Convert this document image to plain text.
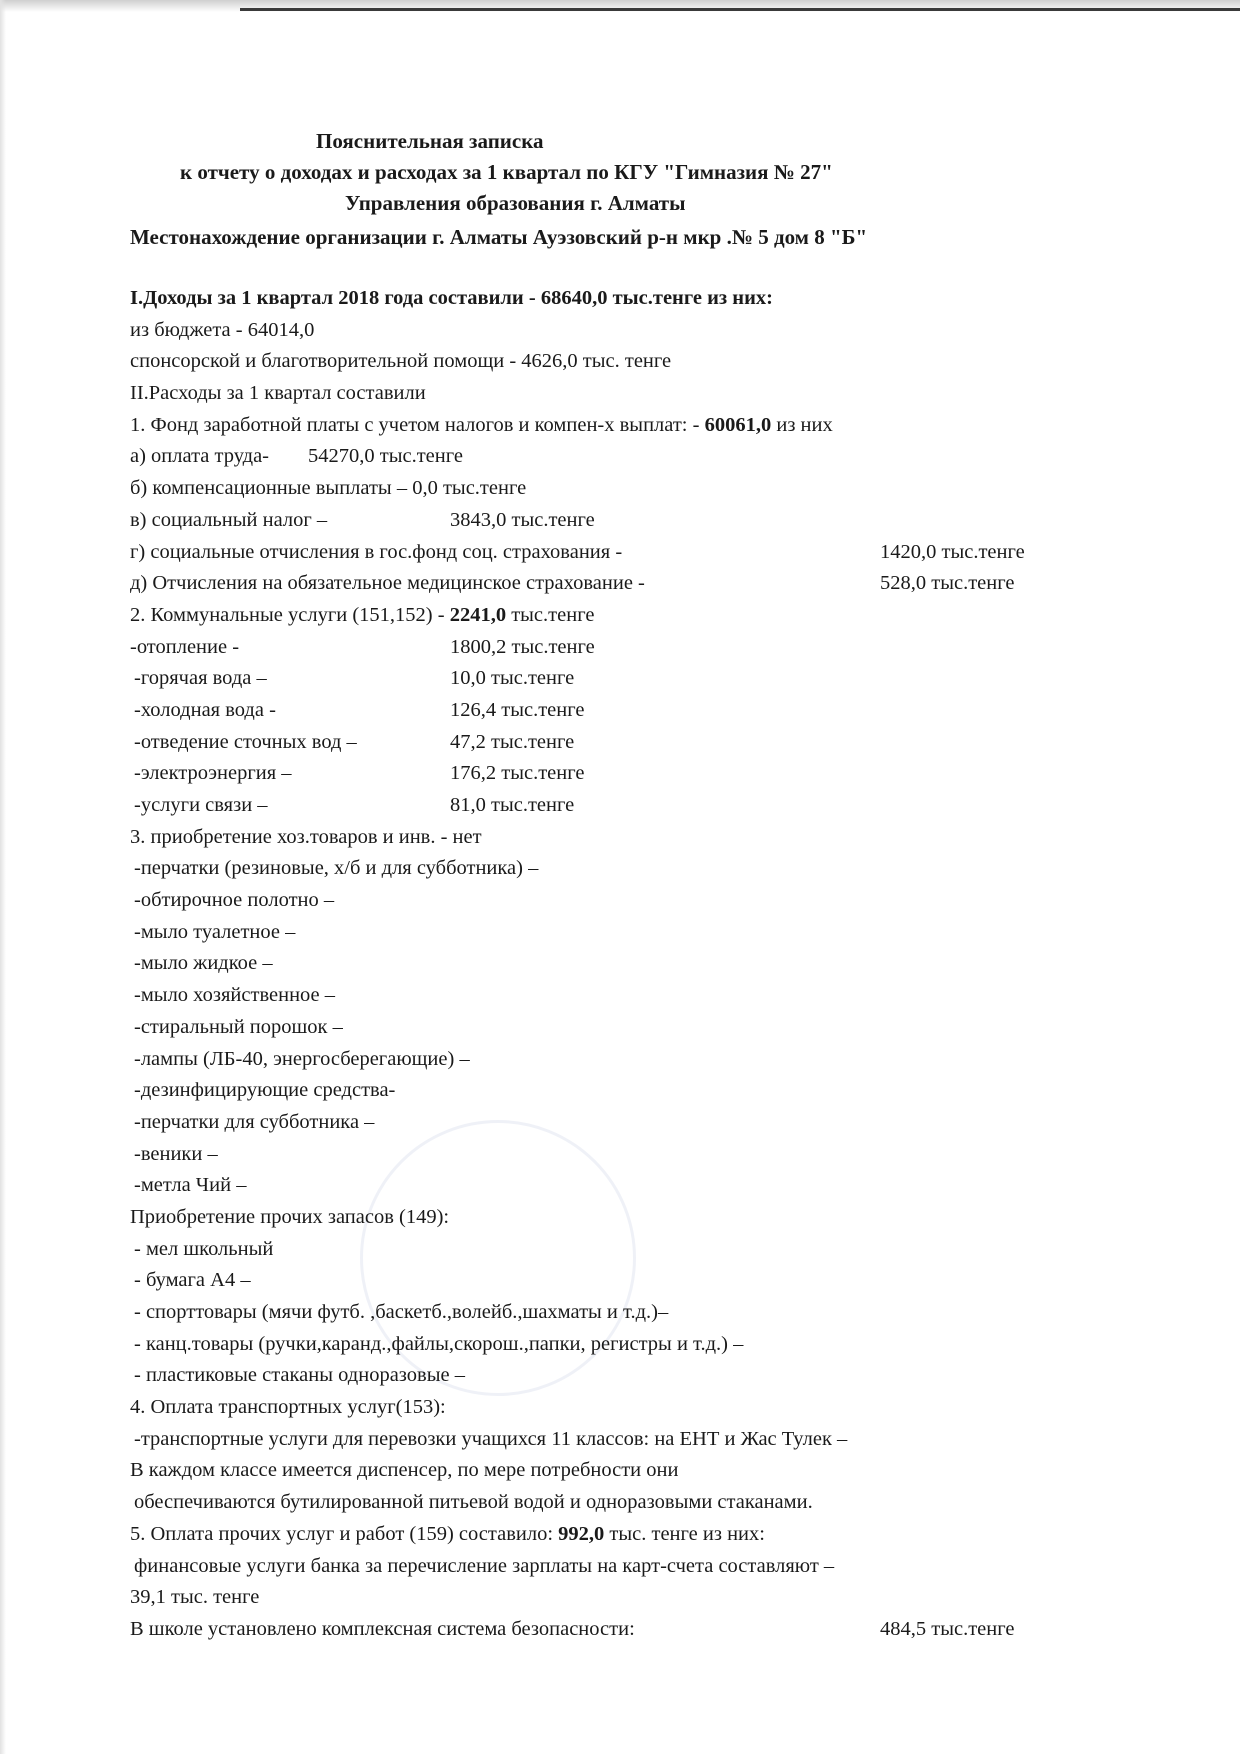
Пояснительная записка
к отчету о доходах и расходах за 1 квартал по КГУ "Гимназия № 27"
Управления образования г. Алматы
Местонахождение организации г. Алматы Ауэзовский р-н мкр .№ 5 дом 8 "Б"
I.Доходы за 1 квартал 2018 года составили - 68640,0 тыс.тенге из них:
из бюджета - 64014,0
спонсорской и благотворительной помощи - 4626,0 тыс. тенге
II.Расходы за 1 квартал составили
1. Фонд заработной платы с учетом налогов и компен-х выплат: - 60061,0 из них
а) оплата труда- 54270,0 тыс.тенге
б) компенсационные выплаты – 0,0 тыс.тенге
в) социальный налог –	3843,0 тыс.тенге
г) социальные отчисления в гос.фонд соц. страхования -	1420,0 тыс.тенге
д) Отчисления на обязательное медицинское страхование -	528,0 тыс.тенге
2. Коммунальные услуги (151,152) - 2241,0 тыс.тенге
-отопление -	1800,2 тыс.тенге
-горячая вода –	10,0 тыс.тенге
-холодная вода -	126,4 тыс.тенге
-отведение сточных вод –	47,2 тыс.тенге
-электроэнергия –	176,2 тыс.тенге
-услуги связи –	81,0 тыс.тенге
3. приобретение хоз.товаров и инв. - нет
-перчатки (резиновые, х/б и для субботника) –
-обтирочное полотно –
-мыло туалетное –
-мыло жидкое –
-мыло хозяйственное –
-стиральный порошок –
-лампы (ЛБ-40, энергосберегающие) –
-дезинфицирующие средства-
-перчатки для субботника –
-веники –
-метла Чий –
Приобретение прочих запасов (149):
- мел школьный
- бумага А4 –
- спорттовары (мячи футб. ,баскетб.,волейб.,шахматы и т.д.)–
- канц.товары (ручки,каранд.,файлы,скорош.,папки, регистры и т.д.) –
- пластиковые стаканы одноразовые –
4. Оплата транспортных услуг(153):
-транспортные услуги для перевозки учащихся 11 классов: на ЕНТ и Жас Тулек –
В каждом классе имеется диспенсер, по мере потребности они
обеспечиваются бутилированной питьевой водой и одноразовыми стаканами.
5. Оплата прочих услуг и работ (159) составило: 992,0 тыс. тенге из них:
финансовые услуги банка за перечисление зарплаты на карт-счета составляют –
39,1 тыс. тенге
В школе установлено комплексная система безопасности:	484,5 тыс.тенге
